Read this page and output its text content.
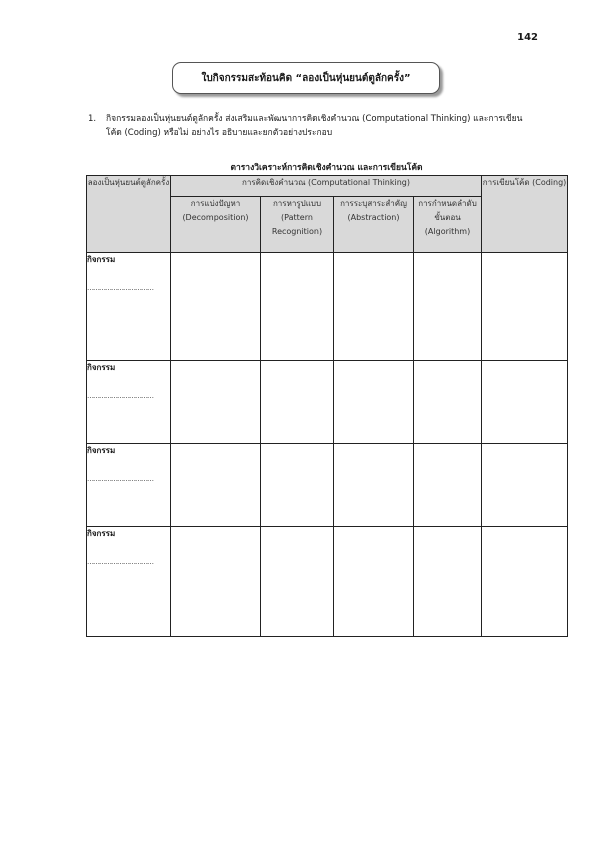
142
ใบกิจกรรมสะท้อนคิด “ลองเป็นหุ่นยนต์ตูลักครั้ง”
1. กิจกรรมลองเป็นหุ่นยนต์ตูลักครั้ง ส่งเสริมและพัฒนาการคิดเชิงคำนวณ (Computational Thinking) และการเขียนโค้ด (Coding) หรือไม่ อย่างไร อธิบายและยกตัวอย่างประกอบ
ตารางวิเคราะห์การคิดเชิงคำนวณ และการเขียนโค้ด
ลองเป็นหุ่นยนต์ตูลักครั้ง	การคิดเชิงคำนวณ (Computational Thinking)				การเขียนโค้ด (Coding)
	การแบ่งปัญหา (Decomposition)	การหารูปแบบ (Pattern Recognition)	การระบุสาระสำคัญ (Abstraction)	การกำหนดลำดับขั้นตอน (Algorithm)	

กิจกรรม
……………………………					

กิจกรรม
……………………………					

กิจกรรม
……………………………					

กิจกรรม
……………………………					
